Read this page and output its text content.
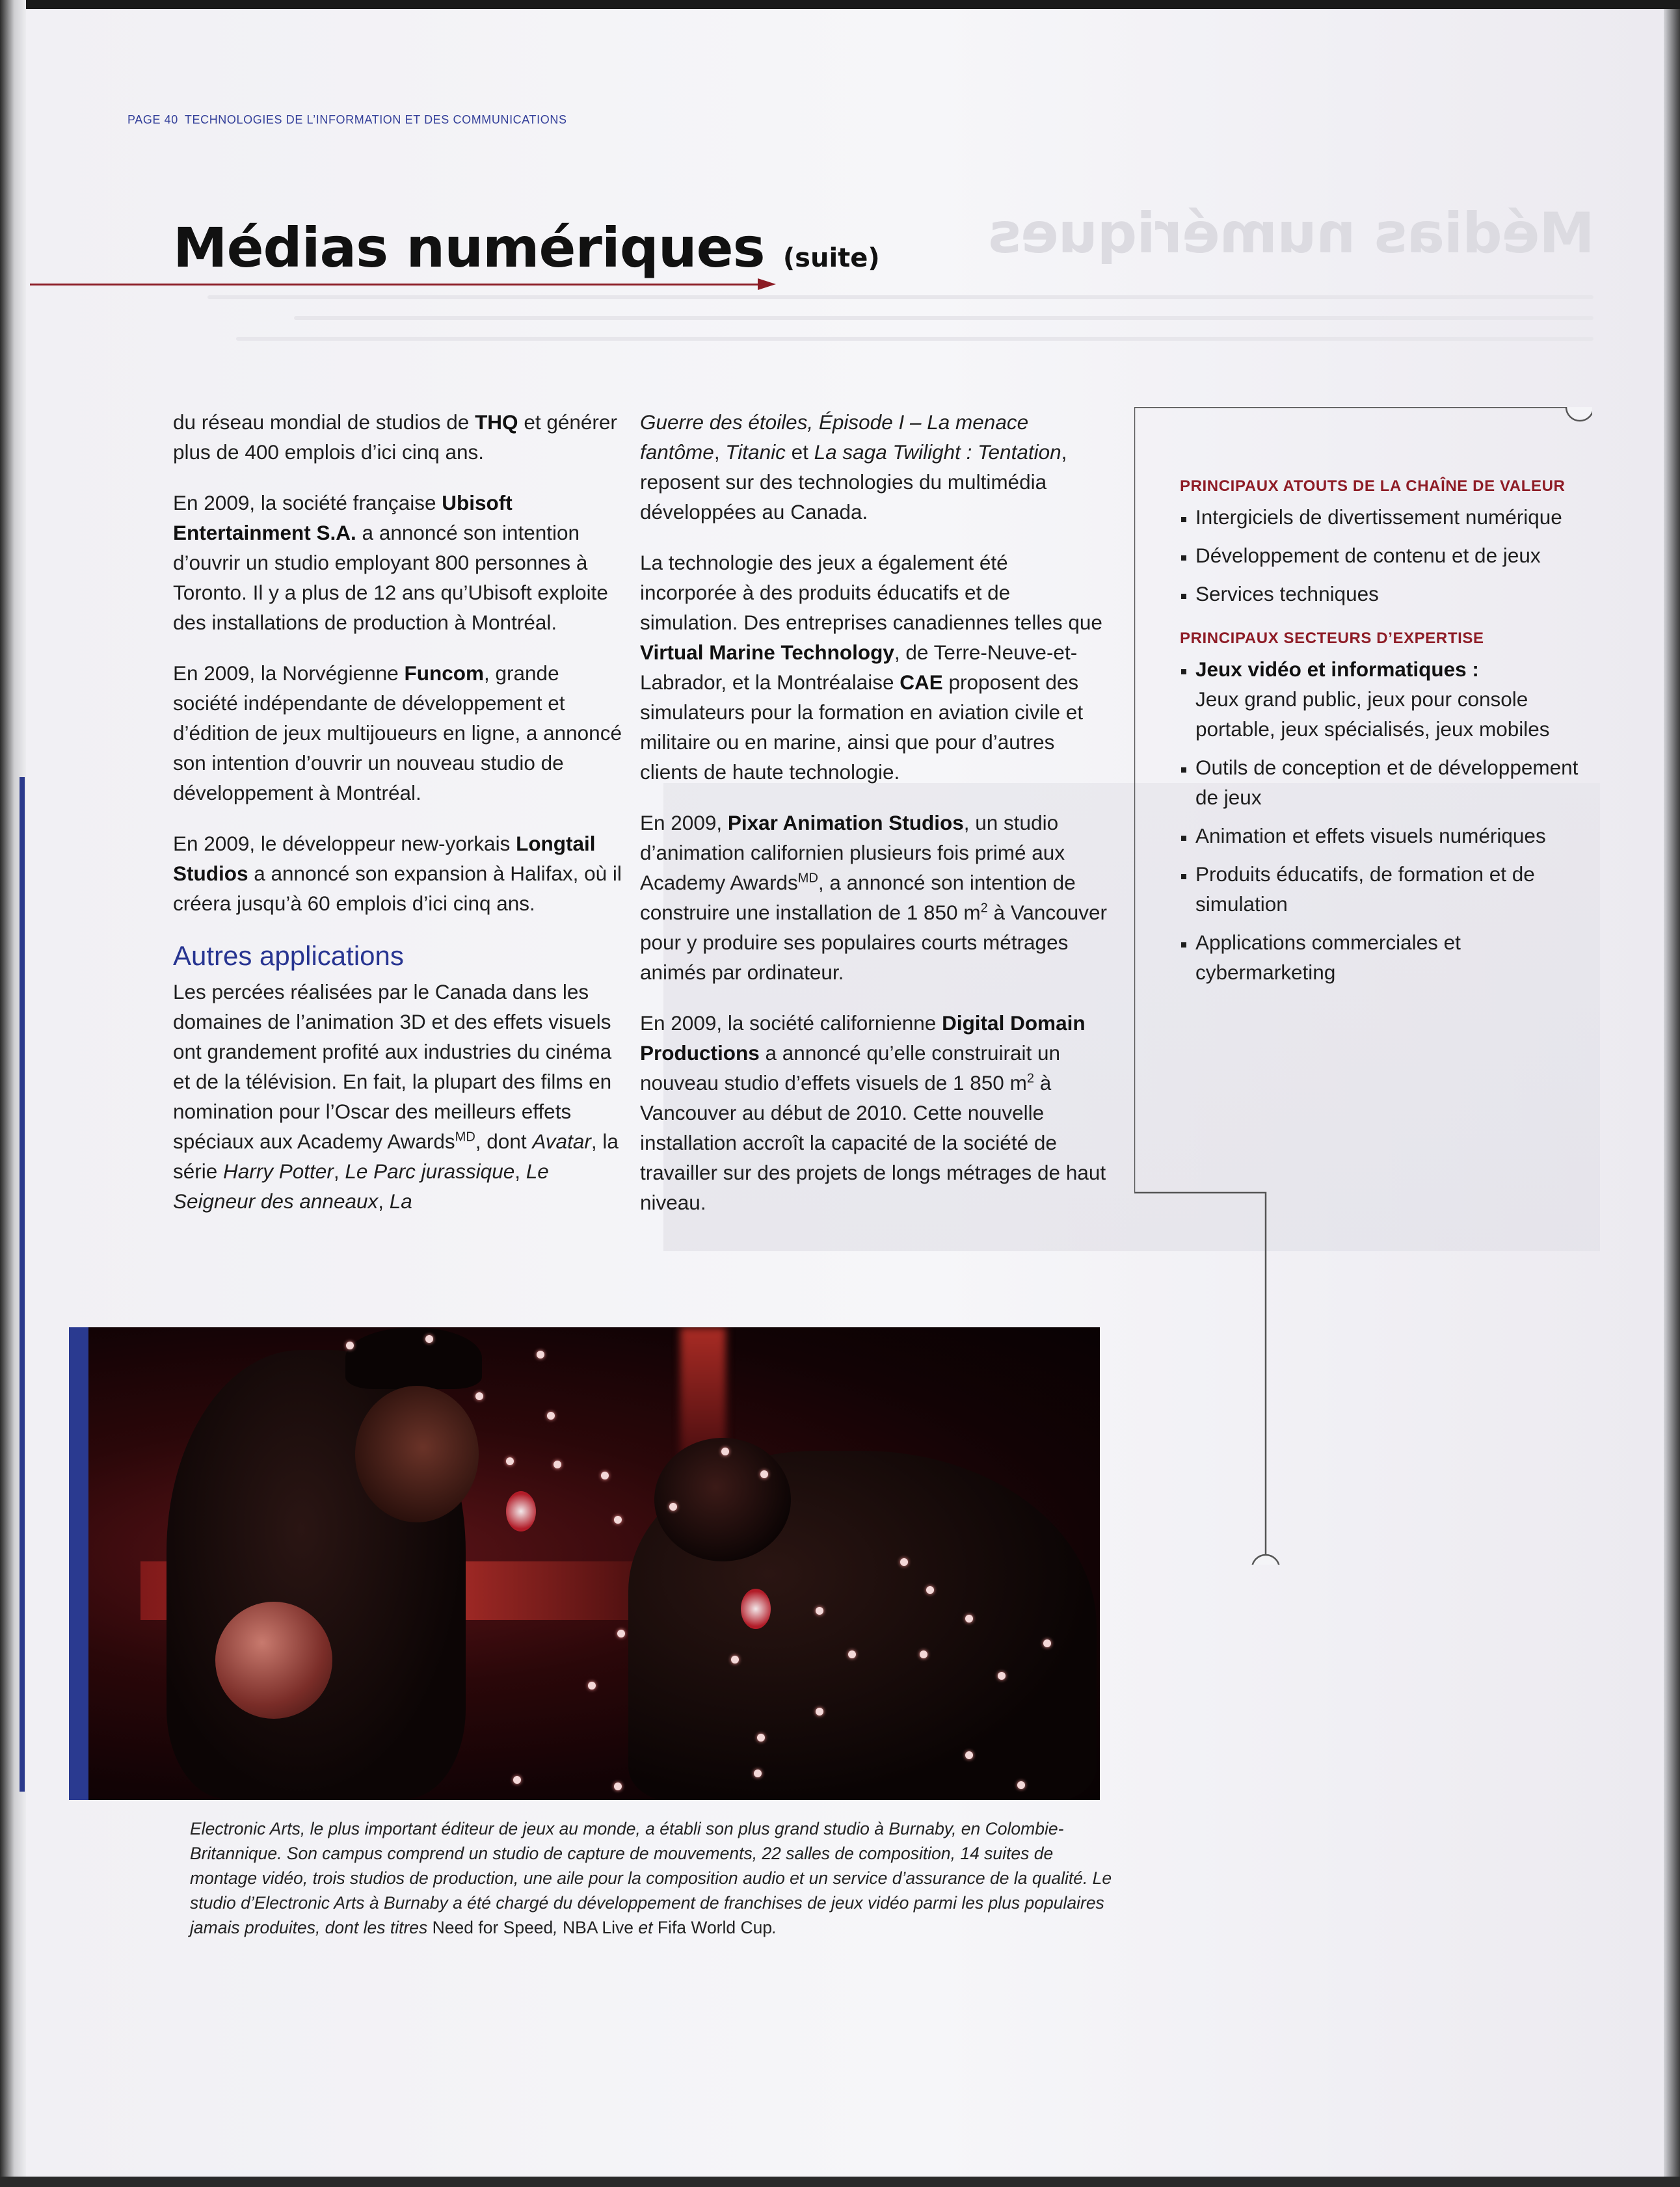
Médias numériques
PAGE 40 TECHNOLOGIES DE L’INFORMATION ET DES COMMUNICATIONS
Médias numériques (suite)

du réseau mondial de studios de THQ et générer plus de 400 emplois d’ici cinq ans.

En 2009, la société française Ubisoft Entertainment S.A. a annoncé son intention d’ouvrir un studio employant 800 personnes à Toronto. Il y a plus de 12 ans qu’Ubisoft exploite des installations de production à Montréal.

En 2009, la Norvégienne Funcom, grande société indépendante de développement et d’édition de jeux multijoueurs en ligne, a annoncé son intention d’ouvrir un nouveau studio de développement à Montréal.

En 2009, le développeur new-yorkais Longtail Studios a annoncé son expansion à Halifax, où il créera jusqu’à 60 emplois d’ici cinq ans.

Autres applications

Les percées réalisées par le Canada dans les domaines de l’animation 3D et des effets visuels ont grandement profité aux industries du cinéma et de la télévision. En fait, la plupart des films en nomination pour l’Oscar des meilleurs effets spéciaux aux Academy Awards$^{MD}$, dont Avatar, la série Harry Potter, Le Parc jurassique, Le Seigneur des anneaux, La

Guerre des étoiles, Épisode I – La menace fantôme, Titanic et La saga Twilight : Tentation, reposent sur des technologies du multimédia développées au Canada.

La technologie des jeux a également été incorporée à des produits éducatifs et de simulation. Des entreprises canadiennes telles que Virtual Marine Technology, de Terre-Neuve-et-Labrador, et la Montréalaise CAE proposent des simulateurs pour la formation en aviation civile et militaire ou en marine, ainsi que pour d’autres clients de haute technologie.

En 2009, Pixar Animation Studios, un studio d’animation californien plusieurs fois primé aux Academy Awards$^{MD}$, a annoncé son intention de construire une installation de 1 850 $m^2$ à Vancouver pour y produire ses populaires courts métrages animés par ordinateur.

En 2009, la société californienne Digital Domain Productions a annoncé qu’elle construirait un nouveau studio d’effets visuels de 1 850 $m^2$ à Vancouver au début de 2010. Cette nouvelle installation accroît la capacité de la société de travailler sur des projets de longs métrages de haut niveau.

PRINCIPAUX ATOUTS DE LA CHAÎNE DE VALEUR
Intergiciels de divertissement numérique
Développement de contenu et de jeux
Services techniques
PRINCIPAUX SECTEURS D’EXPERTISE
Jeux vidéo et informatiques :
Jeux grand public, jeux pour console portable, jeux spécialisés, jeux mobiles
Outils de conception et de développement de jeux
Animation et effets visuels numériques
Produits éducatifs, de formation et de simulation
Applications commerciales et cybermarketing

Electronic Arts, le plus important éditeur de jeux au monde, a établi son plus grand studio à Burnaby, en Colombie-Britannique. Son campus comprend un studio de capture de mouvements, 22 salles de composition, 14 suites de montage vidéo, trois studios de production, une aile pour la composition audio et un service d’assurance de la qualité. Le studio d’Electronic Arts à Burnaby a été chargé du développement de franchises de jeux vidéo parmi les plus populaires jamais produites, dont les titres Need for Speed, NBA Live et Fifa World Cup.
